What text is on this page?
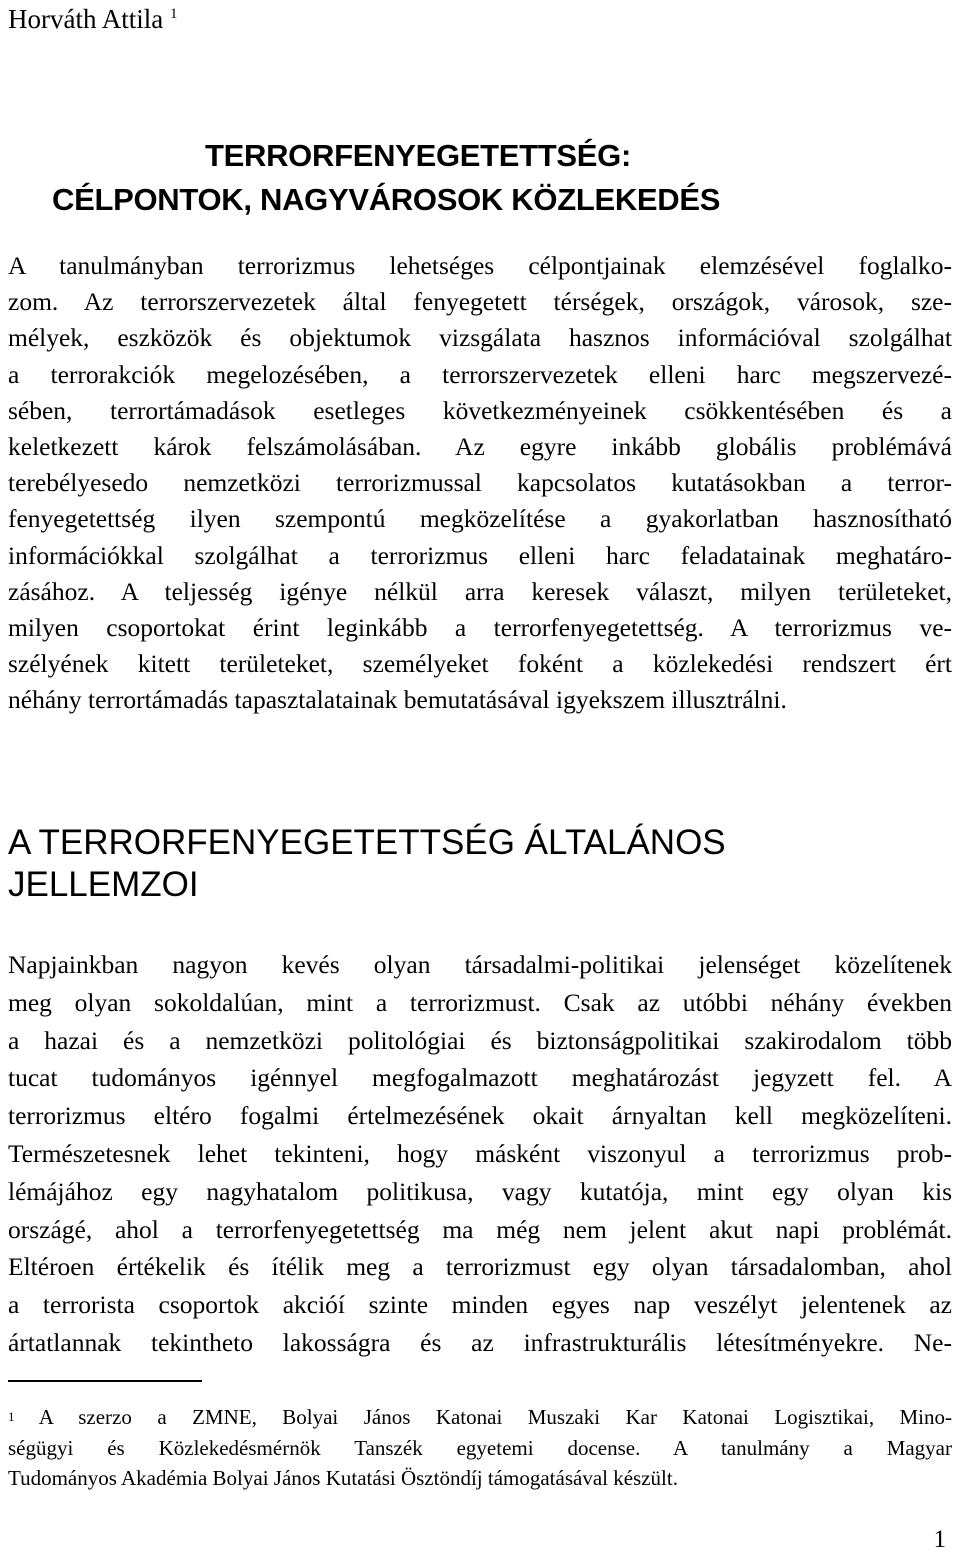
Horváth Attila $^1$
TERRORFENYEGETETTSÉG:
CÉLPONTOK, NAGYVÁROSOK KÖZLEKEDÉS
A tanulmányban terrorizmus lehetséges célpontjainak elemzésével foglalko-
zom. Az terrorszervezetek által fenyegetett térségek, országok, városok, sze-
mélyek, eszközök és objektumok vizsgálata hasznos információval szolgálhat
a terrorakciók megelozésében, a terrorszervezetek elleni harc megszervezé-
sében, terrortámadások esetleges következményeinek csökkentésében és a
keletkezett károk felszámolásában. Az egyre inkább globális problémává
terebélyesedo nemzetközi terrorizmussal kapcsolatos kutatásokban a terror-
fenyegetettség ilyen szempontú megközelítése a gyakorlatban hasznosítható
információkkal szolgálhat a terrorizmus elleni harc feladatainak meghatáro-
zásához. A teljesség igénye nélkül arra keresek választ, milyen területeket,
milyen csoportokat érint leginkább a terrorfenyegetettség. A terrorizmus ve-
szélyének kitett területeket, személyeket foként a közlekedési rendszert ért
néhány terrortámadás tapasztalatainak bemutatásával igyekszem illusztrálni.
A TERRORFENYEGETETTSÉG ÁLTALÁNOS
JELLEMZOI
Napjainkban nagyon kevés olyan társadalmi-politikai jelenséget közelítenek
meg olyan sokoldalúan, mint a terrorizmust. Csak az utóbbi néhány években
a hazai és a nemzetközi politológiai és biztonságpolitikai szakirodalom több
tucat tudományos igénnyel megfogalmazott meghatározást jegyzett fel. A
terrorizmus eltéro fogalmi értelmezésének okait árnyaltan kell megközelíteni.
Természetesnek lehet tekinteni, hogy másként viszonyul a terrorizmus prob-
lémájához egy nagyhatalom politikusa, vagy kutatója, mint egy olyan kis
országé, ahol a terrorfenyegetettség ma még nem jelent akut napi problémát.
Eltéroen értékelik és ítélik meg a terrorizmust egy olyan társadalomban, ahol
a terrorista csoportok akcióí szinte minden egyes nap veszélyt jelentenek az
ártatlannak tekintheto lakosságra és az infrastrukturális létesítményekre. Ne-
$^1$ A szerzo a ZMNE, Bolyai János Katonai Muszaki Kar Katonai Logisztikai, Mino-
ségügyi és Közlekedésmérnök Tanszék egyetemi docense. A tanulmány a Magyar
Tudományos Akadémia Bolyai János Kutatási Ösztöndíj támogatásával készült.
1
